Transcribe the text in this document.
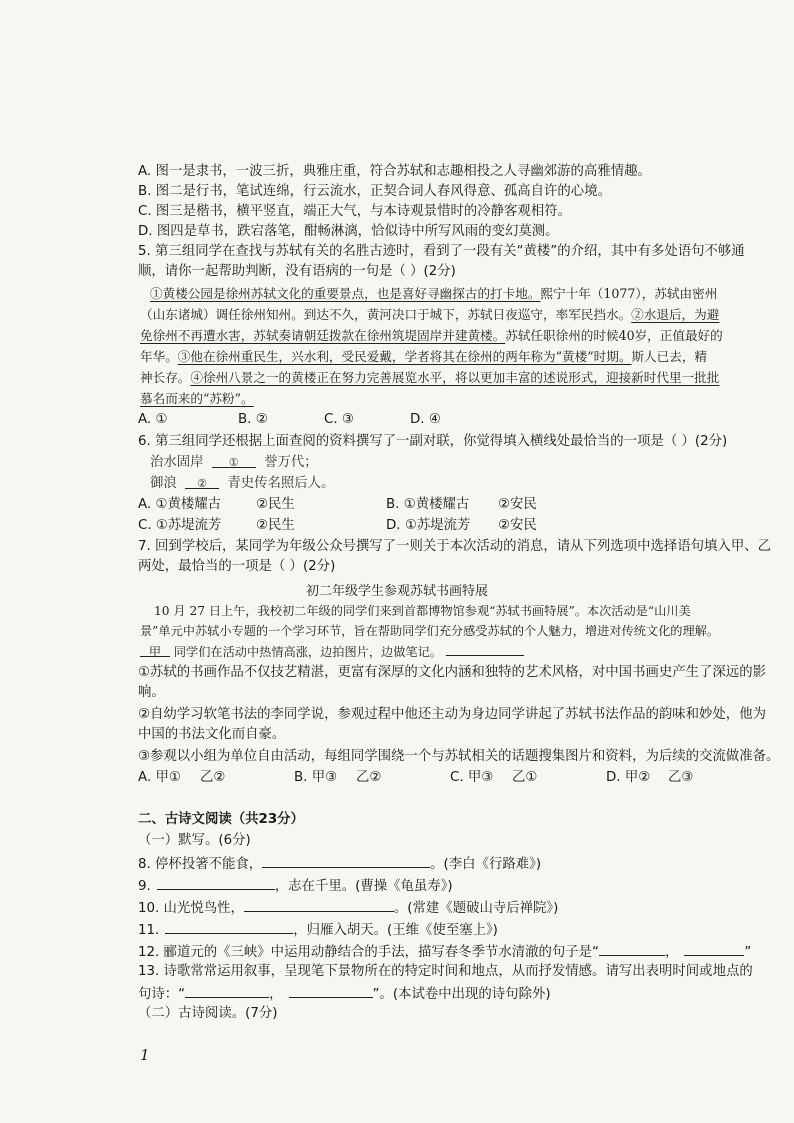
A. 图一是隶书，一波三折，典雅庄重，符合苏轼和志趣相投之人寻幽郊游的高雅情趣。
B. 图二是行书，笔试连绵，行云流水，正契合词人春风得意、孤高自许的心境。
C. 图三是楷书，横平竖直，端正大气，与本诗观景惜时的冷静客观相符。
D. 图四是草书，跌宕落笔，酣畅淋漓，恰似诗中所写风雨的变幻莫测。
5. 第三组同学在查找与苏轼有关的名胜古迹时，看到了一段有关“黄楼”的介绍，其中有多处语句不够通
顺，请你一起帮助判断，没有语病的一句是（ ）(2分)
①黄楼公园是徐州苏轼文化的重要景点，也是喜好寻幽探古的打卡地。熙宁十年（1077），苏轼由密州
（山东诸城）调任徐州知州。到达不久，黄河决口于城下，苏轼日夜巡守，率军民挡水。②水退后，为避
免徐州不再遭水害，苏轼奏请朝廷拨款在徐州筑堤固岸并建黄楼。苏轼任职徐州的时候40岁，正值最好的
年华。③他在徐州重民生，兴水利，受民爱戴，学者将其在徐州的两年称为“黄楼”时期。斯人已去，精
神长存。④徐州八景之一的黄楼正在努力完善展览水平，将以更加丰富的述说形式，迎接新时代里一批批
慕名而来的“苏粉”。
A. ①	B. ②	C. ③	D. ④
6. 第三组同学还根据上面查阅的资料撰写了一副对联，你觉得填入横线处最恰当的一项是（ ）(2分)
治水固岸 ① 誉万代；
御浪 ② 青史传名照后人。
A. ①黄楼耀古	②民生	B. ①黄楼耀古 ②安民
C. ①苏堤流芳	②民生	D. ①苏堤流芳 ②安民
7. 回到学校后，某同学为年级公众号撰写了一则关于本次活动的消息，请从下列选项中选择语句填入甲、乙
两处，最恰当的一项是（ ）(2分)
初二年级学生参观苏轼书画特展
10 月 27 日上午，我校初二年级的同学们来到首都博物馆参观“苏轼书画特展”。本次活动是“山川美
景”单元中苏轼小专题的一个学习环节，旨在帮助同学们充分感受苏轼的个人魅力，增进对传统文化的理解。
甲 同学们在活动中热情高涨，边拍图片，边做笔记。
①苏轼的书画作品不仅技艺精湛，更富有深厚的文化内涵和独特的艺术风格，对中国书画史产生了深远的影
响。
②自幼学习软笔书法的李同学说，参观过程中他还主动为身边同学讲起了苏轼书法作品的韵味和妙处，他为
中国的书法文化而自豪。
③参观以小组为单位自由活动，每组同学围绕一个与苏轼相关的话题搜集图片和资料，为后续的交流做准备。
A. 甲① 乙②	B. 甲③ 乙②	C. 甲③ 乙①	D. 甲② 乙③
二、古诗文阅读（共23分）
（一）默写。(6分)
8. 停杯投箸不能食，	。(李白《行路难》)
9.	，志在千里。(曹操《龟虽寿》)
10. 山光悦鸟性，	。(常建《题破山寺后禅院》)
11.	，归雁入胡天。(王维《使至塞上》)
12. 郦道元的《三峡》中运用动静结合的手法，描写春冬季节水清澈的句子是“	，	”
13. 诗歌常常运用叙事，呈现笔下景物所在的特定时间和地点，从而抒发情感。请写出表明时间或地点的
句诗：“	，	”。(本试卷中出现的诗句除外)
（二）古诗阅读。(7分)
1
